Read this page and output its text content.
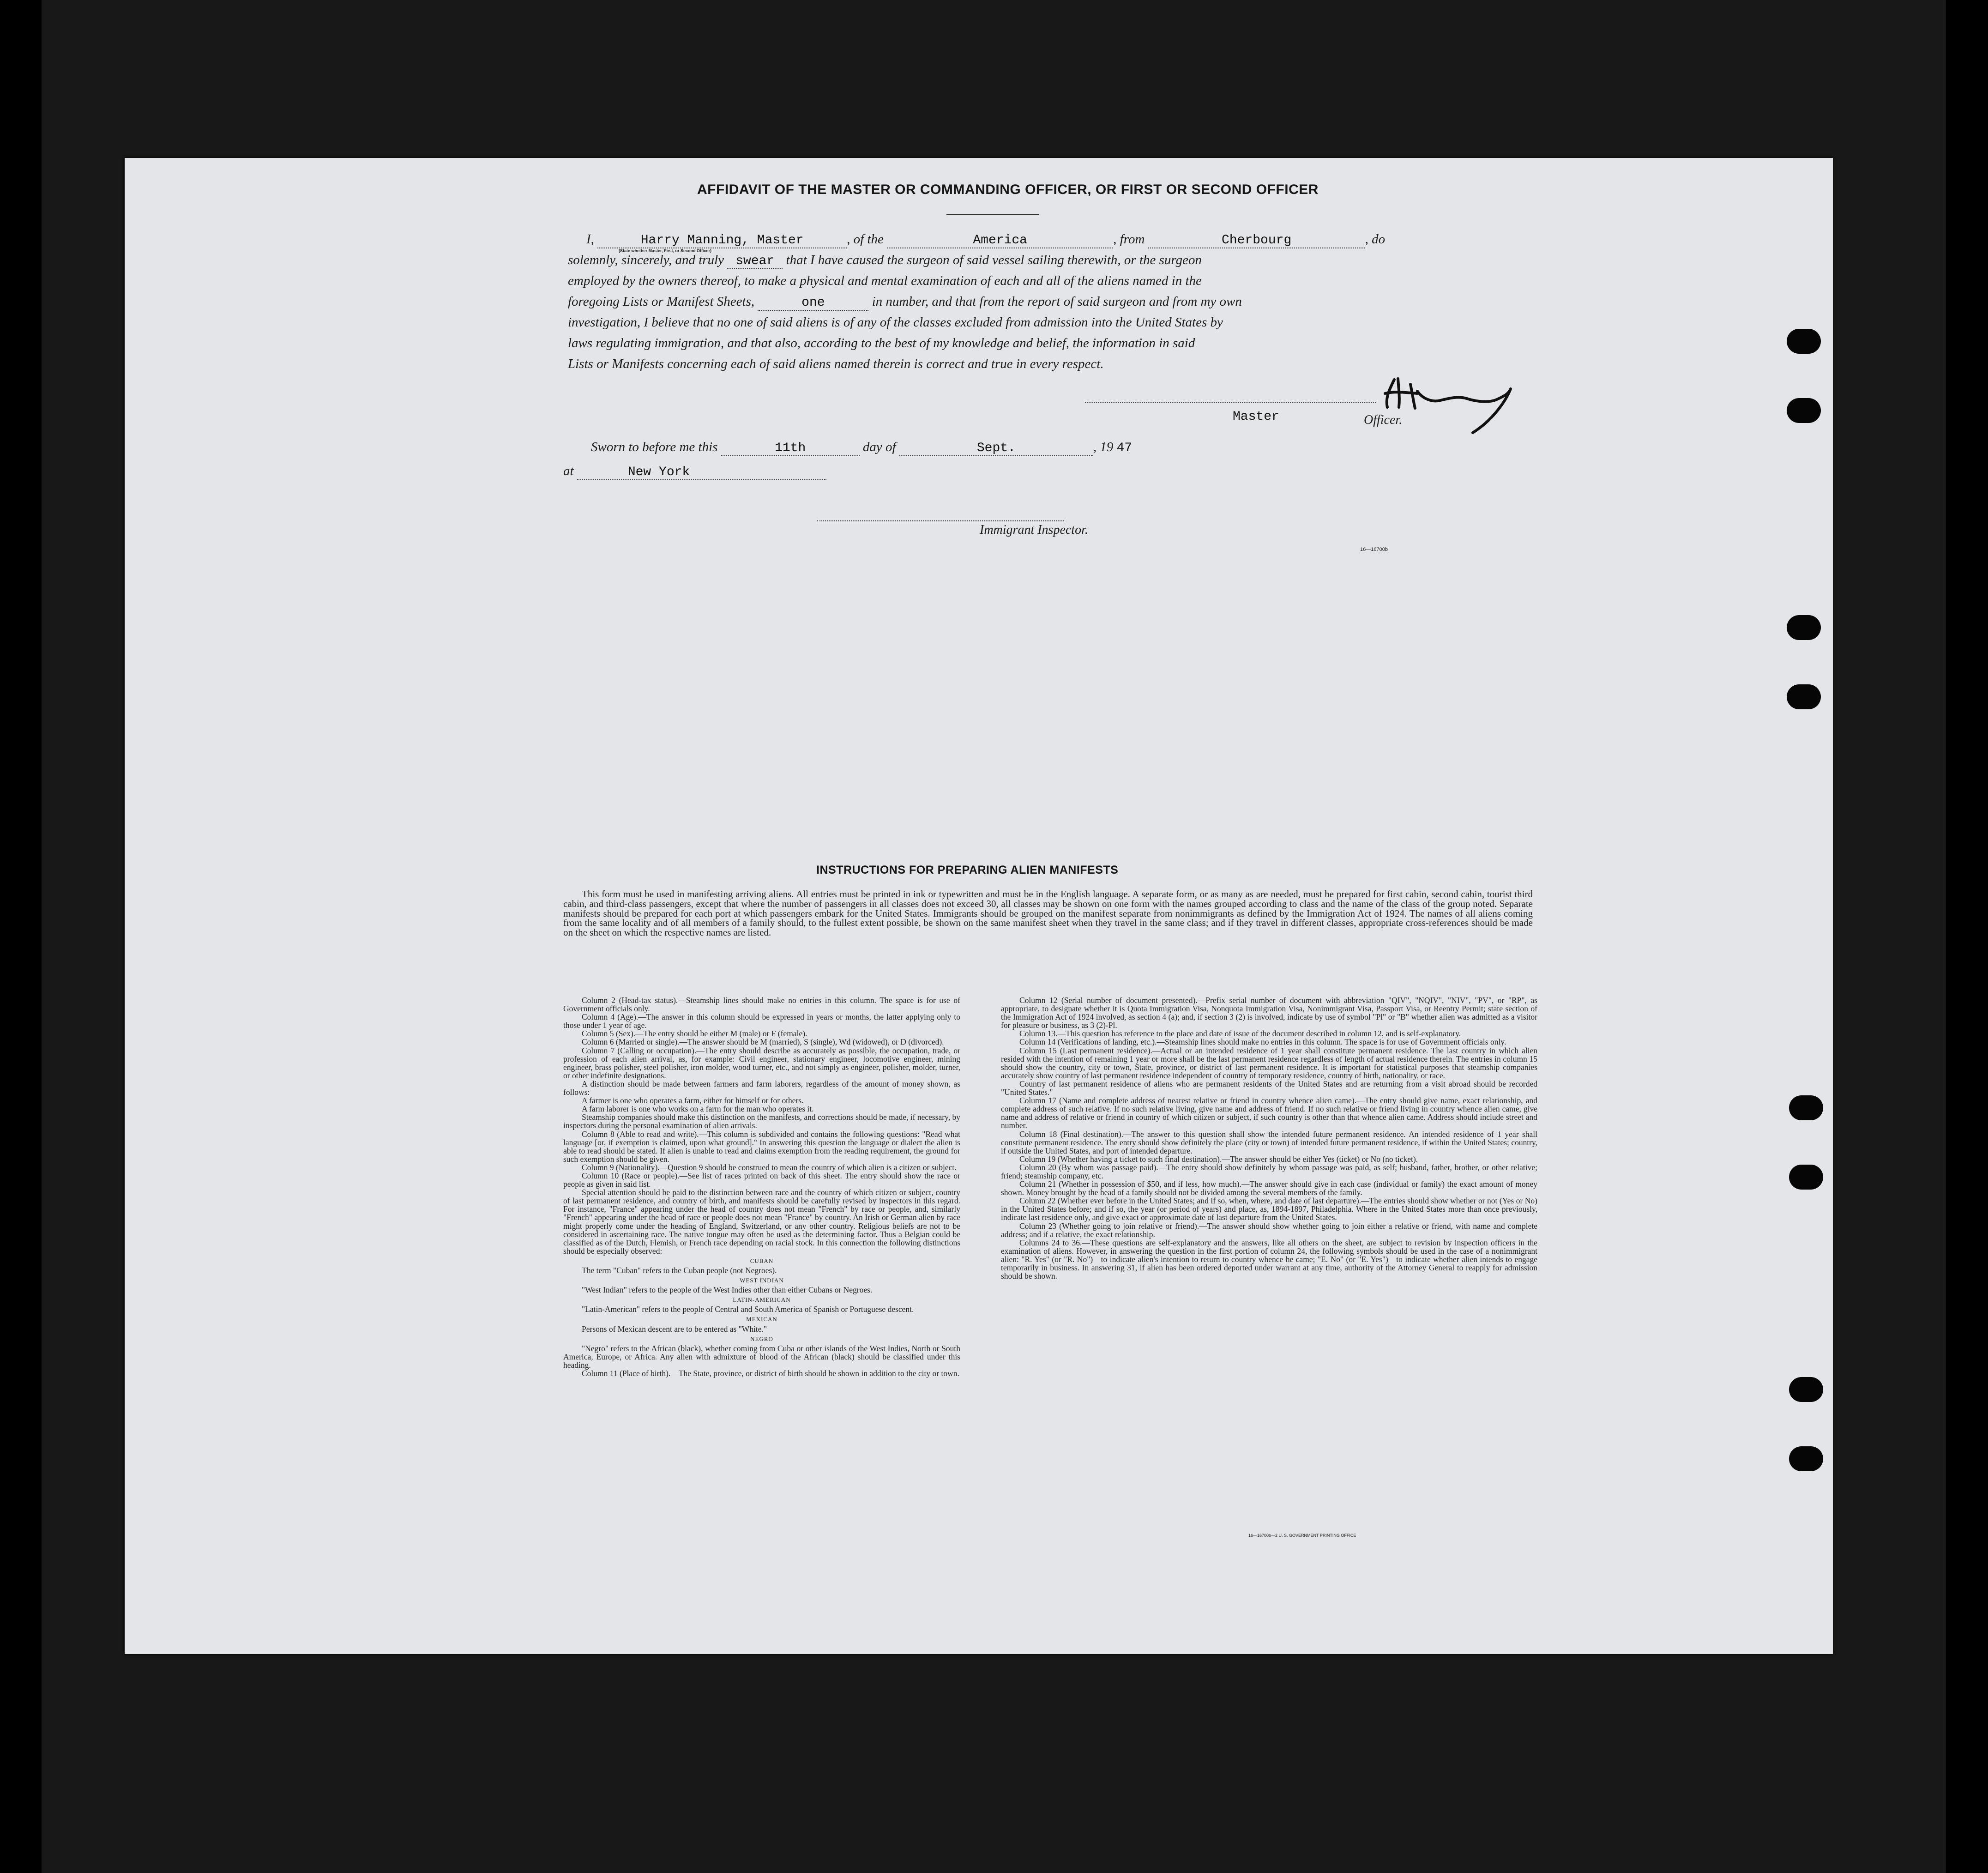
AFFIDAVIT OF THE MASTER OR COMMANDING OFFICER, OR FIRST OR SECOND OFFICER
I,	Harry Manning, Master	, of the	America	, from	Cherbourg	, do
(State whether Master, First, or Second Officer)
solemnly, sincerely, and truly swear that I have caused the surgeon of said vessel sailing therewith, or the surgeon
employed by the owners thereof, to make a physical and mental examination of each and all of the aliens named in the
foregoing Lists or Manifest Sheets,	one	in number, and that from the report of said surgeon and from my own
investigation, I believe that no one of said aliens is of any of the classes excluded from admission into the United States by
laws regulating immigration, and that also, according to the best of my knowledge and belief, the information in said
Lists or Manifests concerning each of said aliens named therein is correct and true in every respect.
Master	Officer.
Sworn to before me this	11th	day of	Sept.	, 19 47
at	New York
Immigrant Inspector.
16—16700b
INSTRUCTIONS FOR PREPARING ALIEN MANIFESTS

This form must be used in manifesting arriving aliens. All entries must be printed in ink or typewritten and must be in the English language. A separate form, or as many as are needed, must be prepared for first cabin, second cabin, tourist third cabin, and third-class passengers, except that where the number of passengers in all classes does not exceed 30, all classes may be shown on one form with the names grouped according to class and the name of the class of the group noted. Separate manifests should be prepared for each port at which passengers embark for the United States. Immigrants should be grouped on the manifest separate from nonimmigrants as defined by the Immigration Act of 1924. The names of all aliens coming from the same locality and of all members of a family should, to the fullest extent possible, be shown on the same manifest sheet when they travel in the same class; and if they travel in different classes, appropriate cross-references should be made on the sheet on which the respective names are listed.

Column 2 (Head-tax status).—Steamship lines should make no entries in this column. The space is for use of Government officials only.

Column 4 (Age).—The answer in this column should be expressed in years or months, the latter applying only to those under 1 year of age.

Column 5 (Sex).—The entry should be either M (male) or F (female).

Column 6 (Married or single).—The answer should be M (married), S (single), Wd (widowed), or D (divorced).

Column 7 (Calling or occupation).—The entry should describe as accurately as possible, the occupation, trade, or profession of each alien arrival, as, for example: Civil engineer, stationary engineer, locomotive engineer, mining engineer, brass polisher, steel polisher, iron molder, wood turner, etc., and not simply as engineer, polisher, molder, turner, or other indefinite designations.

A distinction should be made between farmers and farm laborers, regardless of the amount of money shown, as follows:

A farmer is one who operates a farm, either for himself or for others.

A farm laborer is one who works on a farm for the man who operates it.

Steamship companies should make this distinction on the manifests, and corrections should be made, if necessary, by inspectors during the personal examination of alien arrivals.

Column 8 (Able to read and write).—This column is subdivided and contains the following questions: "Read what language [or, if exemption is claimed, upon what ground]." In answering this question the language or dialect the alien is able to read should be stated. If alien is unable to read and claims exemption from the reading requirement, the ground for such exemption should be given.

Column 9 (Nationality).—Question 9 should be construed to mean the country of which alien is a citizen or subject.

Column 10 (Race or people).—See list of races printed on back of this sheet. The entry should show the race or people as given in said list.

Special attention should be paid to the distinction between race and the country of which citizen or subject, country of last permanent residence, and country of birth, and manifests should be carefully revised by inspectors in this regard. For instance, "France" appearing under the head of country does not mean "French" by race or people, and, similarly "French" appearing under the head of race or people does not mean "France" by country. An Irish or German alien by race might properly come under the heading of England, Switzerland, or any other country. Religious beliefs are not to be considered in ascertaining race. The native tongue may often be used as the determining factor. Thus a Belgian could be classified as of the Dutch, Flemish, or French race depending on racial stock. In this connection the following distinctions should be especially observed:

CUBAN

The term "Cuban" refers to the Cuban people (not Negroes).

WEST INDIAN

"West Indian" refers to the people of the West Indies other than either Cubans or Negroes.

LATIN-AMERICAN

"Latin-American" refers to the people of Central and South America of Spanish or Portuguese descent.

MEXICAN

Persons of Mexican descent are to be entered as "White."

NEGRO

"Negro" refers to the African (black), whether coming from Cuba or other islands of the West Indies, North or South America, Europe, or Africa. Any alien with admixture of blood of the African (black) should be classified under this heading.

Column 11 (Place of birth).—The State, province, or district of birth should be shown in addition to the city or town.

Column 12 (Serial number of document presented).—Prefix serial number of document with abbreviation "QIV", "NQIV", "NIV", "PV", or "RP", as appropriate, to designate whether it is Quota Immigration Visa, Nonquota Immigration Visa, Nonimmigrant Visa, Passport Visa, or Reentry Permit; state section of the Immigration Act of 1924 involved, as section 4 (a); and, if section 3 (2) is involved, indicate by use of symbol "Pl" or "B" whether alien was admitted as a visitor for pleasure or business, as 3 (2)-Pl.

Column 13.—This question has reference to the place and date of issue of the document described in column 12, and is self-explanatory.

Column 14 (Verifications of landing, etc.).—Steamship lines should make no entries in this column. The space is for use of Government officials only.

Column 15 (Last permanent residence).—Actual or an intended residence of 1 year shall constitute permanent residence. The last country in which alien resided with the intention of remaining 1 year or more shall be the last permanent residence regardless of length of actual residence therein. The entries in column 15 should show the country, city or town, State, province, or district of last permanent residence. It is important for statistical purposes that steamship companies accurately show country of last permanent residence independent of country of temporary residence, country of birth, nationality, or race.

Country of last permanent residence of aliens who are permanent residents of the United States and are returning from a visit abroad should be recorded "United States."

Column 17 (Name and complete address of nearest relative or friend in country whence alien came).—The entry should give name, exact relationship, and complete address of such relative. If no such relative living, give name and address of friend. If no such relative or friend living in country whence alien came, give name and address of relative or friend in country of which citizen or subject, if such country is other than that whence alien came. Address should include street and number.

Column 18 (Final destination).—The answer to this question shall show the intended future permanent residence. An intended residence of 1 year shall constitute permanent residence. The entry should show definitely the place (city or town) of intended future permanent residence, if within the United States; country, if outside the United States, and port of intended departure.

Column 19 (Whether having a ticket to such final destination).—The answer should be either Yes (ticket) or No (no ticket).

Column 20 (By whom was passage paid).—The entry should show definitely by whom passage was paid, as self; husband, father, brother, or other relative; friend; steamship company, etc.

Column 21 (Whether in possession of $50, and if less, how much).—The answer should give in each case (individual or family) the exact amount of money shown. Money brought by the head of a family should not be divided among the several members of the family.

Column 22 (Whether ever before in the United States; and if so, when, where, and date of last departure).—The entries should show whether or not (Yes or No) in the United States before; and if so, the year (or period of years) and place, as, 1894-1897, Philadelphia. Where in the United States more than once previously, indicate last residence only, and give exact or approximate date of last departure from the United States.

Column 23 (Whether going to join relative or friend).—The answer should show whether going to join either a relative or friend, with name and complete address; and if a relative, the exact relationship.

Columns 24 to 36.—These questions are self-explanatory and the answers, like all others on the sheet, are subject to revision by inspection officers in the examination of aliens. However, in answering the question in the first portion of column 24, the following symbols should be used in the case of a nonimmigrant alien: "R. Yes" (or "R. No")—to indicate alien's intention to return to country whence he came; "E. No" (or "E. Yes")—to indicate whether alien intends to engage temporarily in business. In answering 31, if alien has been ordered deported under warrant at any time, authority of the Attorney General to reapply for admission should be shown.

16—16700b—2 U. S. GOVERNMENT PRINTING OFFICE
